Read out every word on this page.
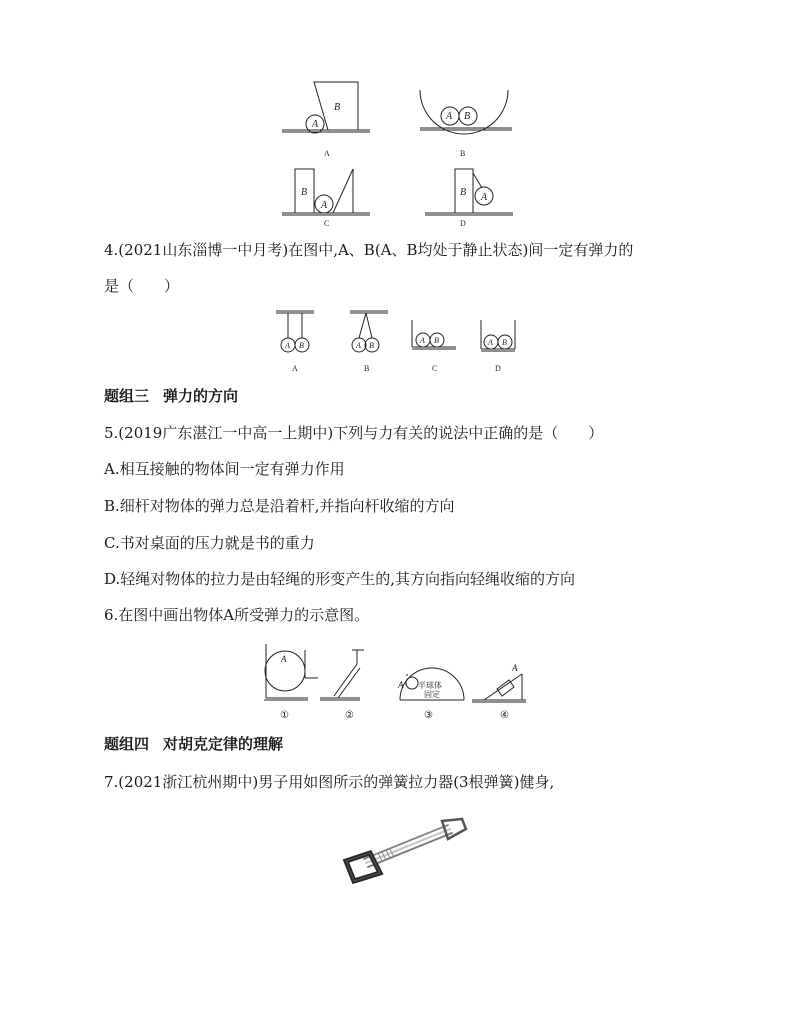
A
B
A B
B
A
B A
A	B
C	D
4.(2021山东淄博一中月考)在图中,A、B(A、B均处于静止状态)间一定有弹力的
是（　　）
A B	A B
A B	A B
A	B	C	D
题组三 弹力的方向
5.(2019广东湛江一中高一上期中)下列与力有关的说法中正确的是（　　）
A.相互接触的物体间一定有弹力作用
B.细杆对物体的弹力总是沿着杆,并指向杆收缩的方向
C.书对桌面的压力就是书的重力
D.轻绳对物体的拉力是由轻绳的形变产生的,其方向指向轻绳收缩的方向
6.在图中画出物体A所受弹力的示意图。
A
A
A
半球体
固定
①	②	③	④
题组四 对胡克定律的理解
7.(2021浙江杭州期中)男子用如图所示的弹簧拉力器(3根弹簧)健身,
